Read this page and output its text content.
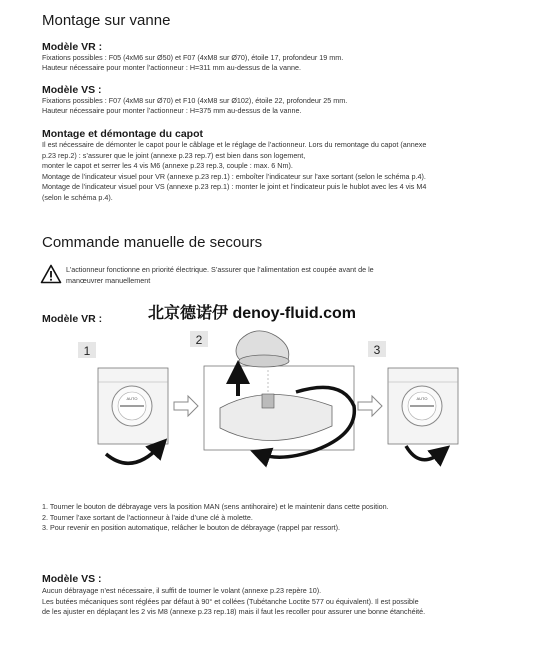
Montage sur vanne
Modèle VR :

Fixations possibles : F05 (4xM6 sur Ø50) et F07 (4xM8 sur Ø70), étoile 17, profondeur 19 mm.

Hauteur nécessaire pour monter l’actionneur : H=311 mm au-dessus de la vanne.

Modèle VS :

Fixations possibles : F07 (4xM8 sur Ø70) et F10 (4xM8 sur Ø102), étoile 22, profondeur 25 mm.

Hauteur nécessaire pour monter l’actionneur : H=375 mm au-dessus de la vanne.

Montage et démontage du capot

Il est nécessaire de démonter le capot pour le câblage et le réglage de l’actionneur. Lors du remontage du capot (annexe

p.23 rep.2) : s’assurer que le joint (annexe p.23 rep.7) est bien dans son logement,

monter le capot et serrer les 4 vis M6 (annexe p.23 rep.3, couple : max. 6 Nm).

Montage de l’indicateur visuel pour VR (annexe p.23 rep.1) : emboîter l’indicateur sur l’axe sortant (selon le schéma p.4).

Montage de l’indicateur visuel pour VS (annexe p.23 rep.1) : monter le joint et l’indicateur puis le hublot avec les 4 vis M4

(selon le schéma p.4).

Commande manuelle de secours

L’actionneur fonctionne en priorité électrique. S’assurer que l’alimentation est coupée avant de le

manœuvrer manuellement

北京德诺伊 denoy-fluid.com
Modèle VR :
1
2
3
AUTO	AUTO

1. Tourner le bouton de débrayage vers la position MAN (sens antihoraire) et le maintenir dans cette position.

2. Tourner l’axe sortant de l’actionneur à l’aide d’une clé à molette.

3. Pour revenir en position automatique, relâcher le bouton de débrayage (rappel par ressort).

Modèle VS :

Aucun débrayage n’est nécessaire, il suffit de tourner le volant (annexe p.23 repère 10).

Les butées mécaniques sont réglées par défaut à 90° et collées (Tubétanche Loctite 577 ou équivalent). Il est possible

de les ajuster en déplaçant les 2 vis M8 (annexe p.23 rep.18) mais il faut les recoller pour assurer une bonne étanchéité.
